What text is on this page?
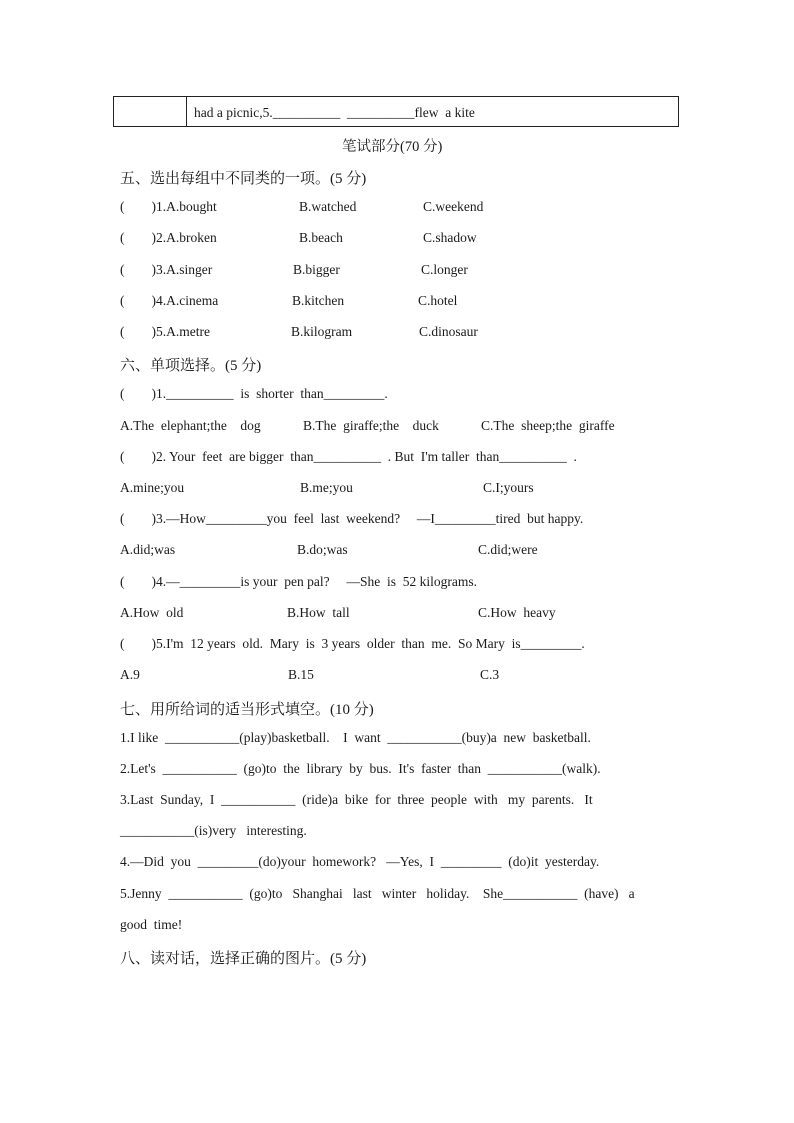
had a picnic,5.__________  __________flew  a kite
笔试部分(70 分)
五、选出每组中不同类的一项。(5 分)
(        )1.A.bought	B.watched	C.weekend
(        )2.A.broken	B.beach	C.shadow
(        )3.A.singer	B.bigger	C.longer
(        )4.A.cinema	B.kitchen	C.hotel
(        )5.A.metre	B.kilogram	C.dinosaur
六、单项选择。(5 分)
(        )1.__________  is  shorter  than_________.
A.The  elephant;the    dog	B.The  giraffe;the    duck	C.The  sheep;the  giraffe
(        )2. Your  feet  are bigger  than__________  . But  I'm taller  than__________  .
A.mine;you	B.me;you	C.I;yours
(        )3.—How_________you  feel  last  weekend?     —I_________tired  but happy.
A.did;was	B.do;was	C.did;were
(        )4.—_________is your  pen pal?     —She  is  52 kilograms.
A.How  old	B.How  tall	C.How  heavy
(        )5.I'm  12 years  old.  Mary  is  3 years  older  than  me.  So Mary  is_________.
A.9	B.15	C.3
七、用所给词的适当形式填空。(10 分)
1.I like  ___________(play)basketball.    I  want  ___________(buy)a  new  basketball.
2.Let's  ___________  (go)to  the  library  by  bus.  It's  faster  than  ___________(walk).
3.Last  Sunday,  I  ___________  (ride)a  bike  for  three  people  with   my  parents.   It
___________(is)very   interesting.
4.—Did  you  _________(do)your  homework?   —Yes,  I  _________  (do)it  yesterday.
5.Jenny  ___________  (go)to   Shanghai   last   winter   holiday.    She___________  (have)   a
good  time!
八、读对话，选择正确的图片。(5 分)
